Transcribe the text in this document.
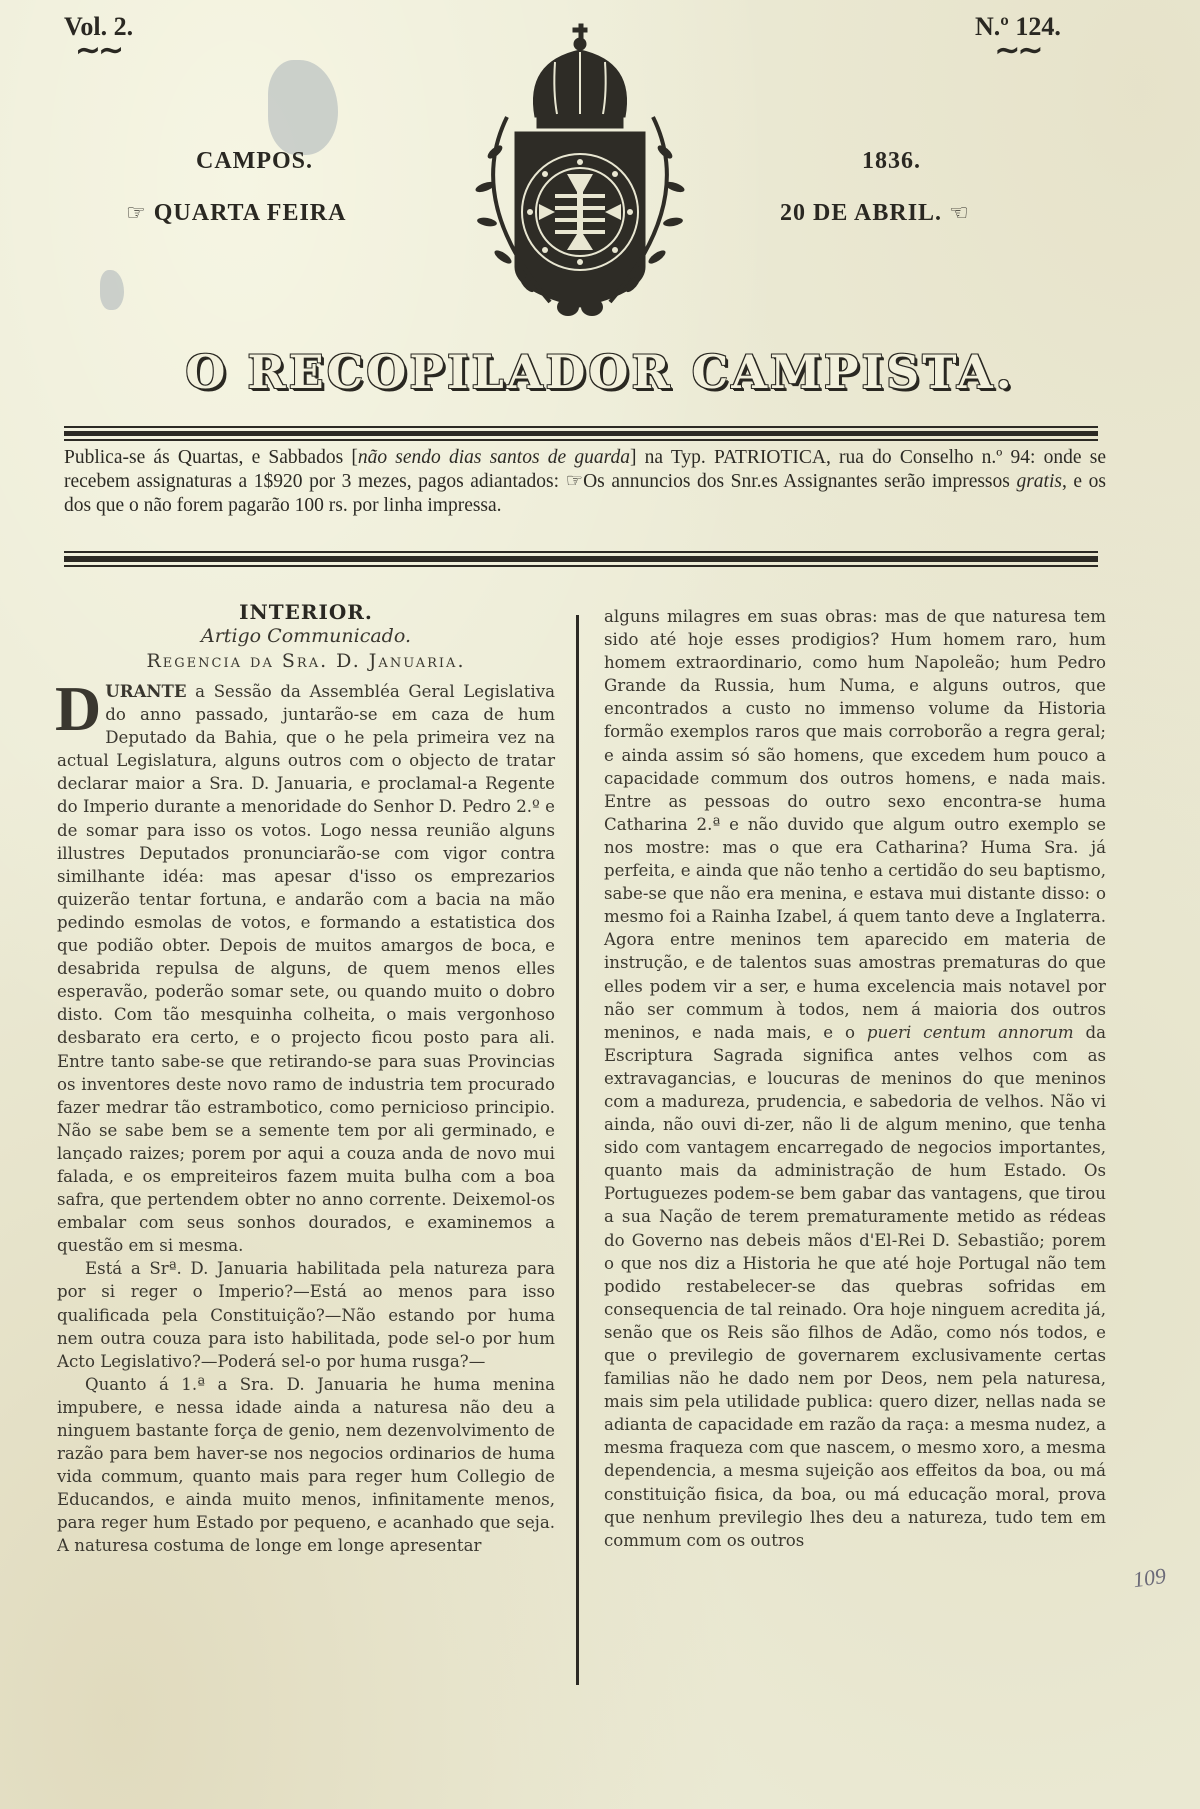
Vol. 2.
∼∼
N.º 124.
∼∼
CAMPOS.	1836.
☞ QUARTA FEIRA	20 DE ABRIL. ☜
O RECOPILADOR CAMPISTA.
Publica-se ás Quartas, e Sabbados [não sendo dias santos de guarda] na Typ. PATRIOTICA, rua do Conselho n.º 94: onde se recebem assignaturas a 1$920 por 3 mezes, pagos adiantados: ☞Os annuncios dos Snr.es Assignantes serão impressos gratis, e os dos que o não forem pagarão 100 rs. por linha impressa.
INTERIOR.
Artigo Communicado.
Regencia da Sra. D. Januaria.

DURANTE a Sessão da Assembléa Geral Legislativa do anno passado, juntarão-se em caza de hum Deputado da Bahia, que o he pela primeira vez na actual Legislatura, alguns outros com o objecto de tratar declarar maior a Sra. D. Januaria, e proclamal-a Regente do Imperio durante a menoridade do Senhor D. Pedro 2.º e de somar para isso os votos. Logo nessa reunião alguns illustres Deputados pronunciarão-se com vigor contra similhante idéa: mas apesar d'isso os emprezarios quizerão tentar fortuna, e andarão com a bacia na mão pedindo esmolas de votos, e formando a estatistica dos que podião obter. Depois de muitos amargos de boca, e desabrida repulsa de alguns, de quem menos elles esperavão, poderão somar sete, ou quando muito o dobro disto. Com tão mesquinha colheita, o mais vergonhoso desbarato era certo, e o projecto ficou posto para ali. Entre tanto sabe-se que retirando-se para suas Provincias os inventores deste novo ramo de industria tem procurado fazer medrar tão estrambotico, como pernicioso principio. Não se sabe bem se a semente tem por ali germinado, e lançado raizes; porem por aqui a couza anda de novo mui falada, e os empreiteiros fazem muita bulha com a boa safra, que pertendem obter no anno corrente. Deixemol-os embalar com seus sonhos dourados, e examinemos a questão em si mesma.

Está a Srª. D. Januaria habilitada pela natureza para por si reger o Imperio?—Está ao menos para isso qualificada pela Constituição?—Não estando por huma nem outra couza para isto habilitada, pode sel-o por hum Acto Legislativo?—Poderá sel-o por huma rusga?—

Quanto á 1.ª a Sra. D. Januaria he huma menina impubere, e nessa idade ainda a naturesa não deu a ninguem bastante força de genio, nem dezenvolvimento de razão para bem haver-se nos negocios ordinarios de huma vida commum, quanto mais para reger hum Collegio de Educandos, e ainda muito menos, infinitamente menos, para reger hum Estado por pequeno, e acanhado que seja. A naturesa costuma de longe em longe apresentar

alguns milagres em suas obras: mas de que naturesa tem sido até hoje esses prodigios? Hum homem raro, hum homem extraordinario, como hum Napoleão; hum Pedro Grande da Russia, hum Numa, e alguns outros, que encontrados a custo no immenso volume da Historia formão exemplos raros que mais corroborão a regra geral; e ainda assim só são homens, que excedem hum pouco a capacidade commum dos outros homens, e nada mais. Entre as pessoas do outro sexo encontra-se huma Catharina 2.ª e não duvido que algum outro exemplo se nos mostre: mas o que era Catharina? Huma Sra. já perfeita, e ainda que não tenho a certidão do seu baptismo, sabe-se que não era menina, e estava mui distante disso: o mesmo foi a Rainha Izabel, á quem tanto deve a Inglaterra. Agora entre meninos tem aparecido em materia de instrução, e de talentos suas amostras prematuras do que elles podem vir a ser, e huma excelencia mais notavel por não ser commum à todos, nem á maioria dos outros meninos, e nada mais, e o pueri centum annorum da Escriptura Sagrada significa antes velhos com as extravagancias, e loucuras de meninos do que meninos com a madureza, prudencia, e sabedoria de velhos. Não vi ainda, não ouvi di-zer, não li de algum menino, que tenha sido com vantagem encarregado de negocios importantes, quanto mais da administração de hum Estado. Os Portuguezes podem-se bem gabar das vantagens, que tirou a sua Nação de terem prematuramente metido as rédeas do Governo nas debeis mãos d'El-Rei D. Sebastião; porem o que nos diz a Historia he que até hoje Portugal não tem podido restabelecer-se das quebras sofridas em consequencia de tal reinado. Ora hoje ninguem acredita já, senão que os Reis são filhos de Adão, como nós todos, e que o previlegio de governarem exclusivamente certas familias não he dado nem por Deos, nem pela naturesa, mais sim pela utilidade publica: quero dizer, nellas nada se adianta de capacidade em razão da raça: a mesma nudez, a mesma fraqueza com que nascem, o mesmo xoro, a mesma dependencia, a mesma sujeição aos effeitos da boa, ou má constituição fisica, da boa, ou má educação moral, prova que nenhum previlegio lhes deu a natureza, tudo tem em commum com os outros

109
